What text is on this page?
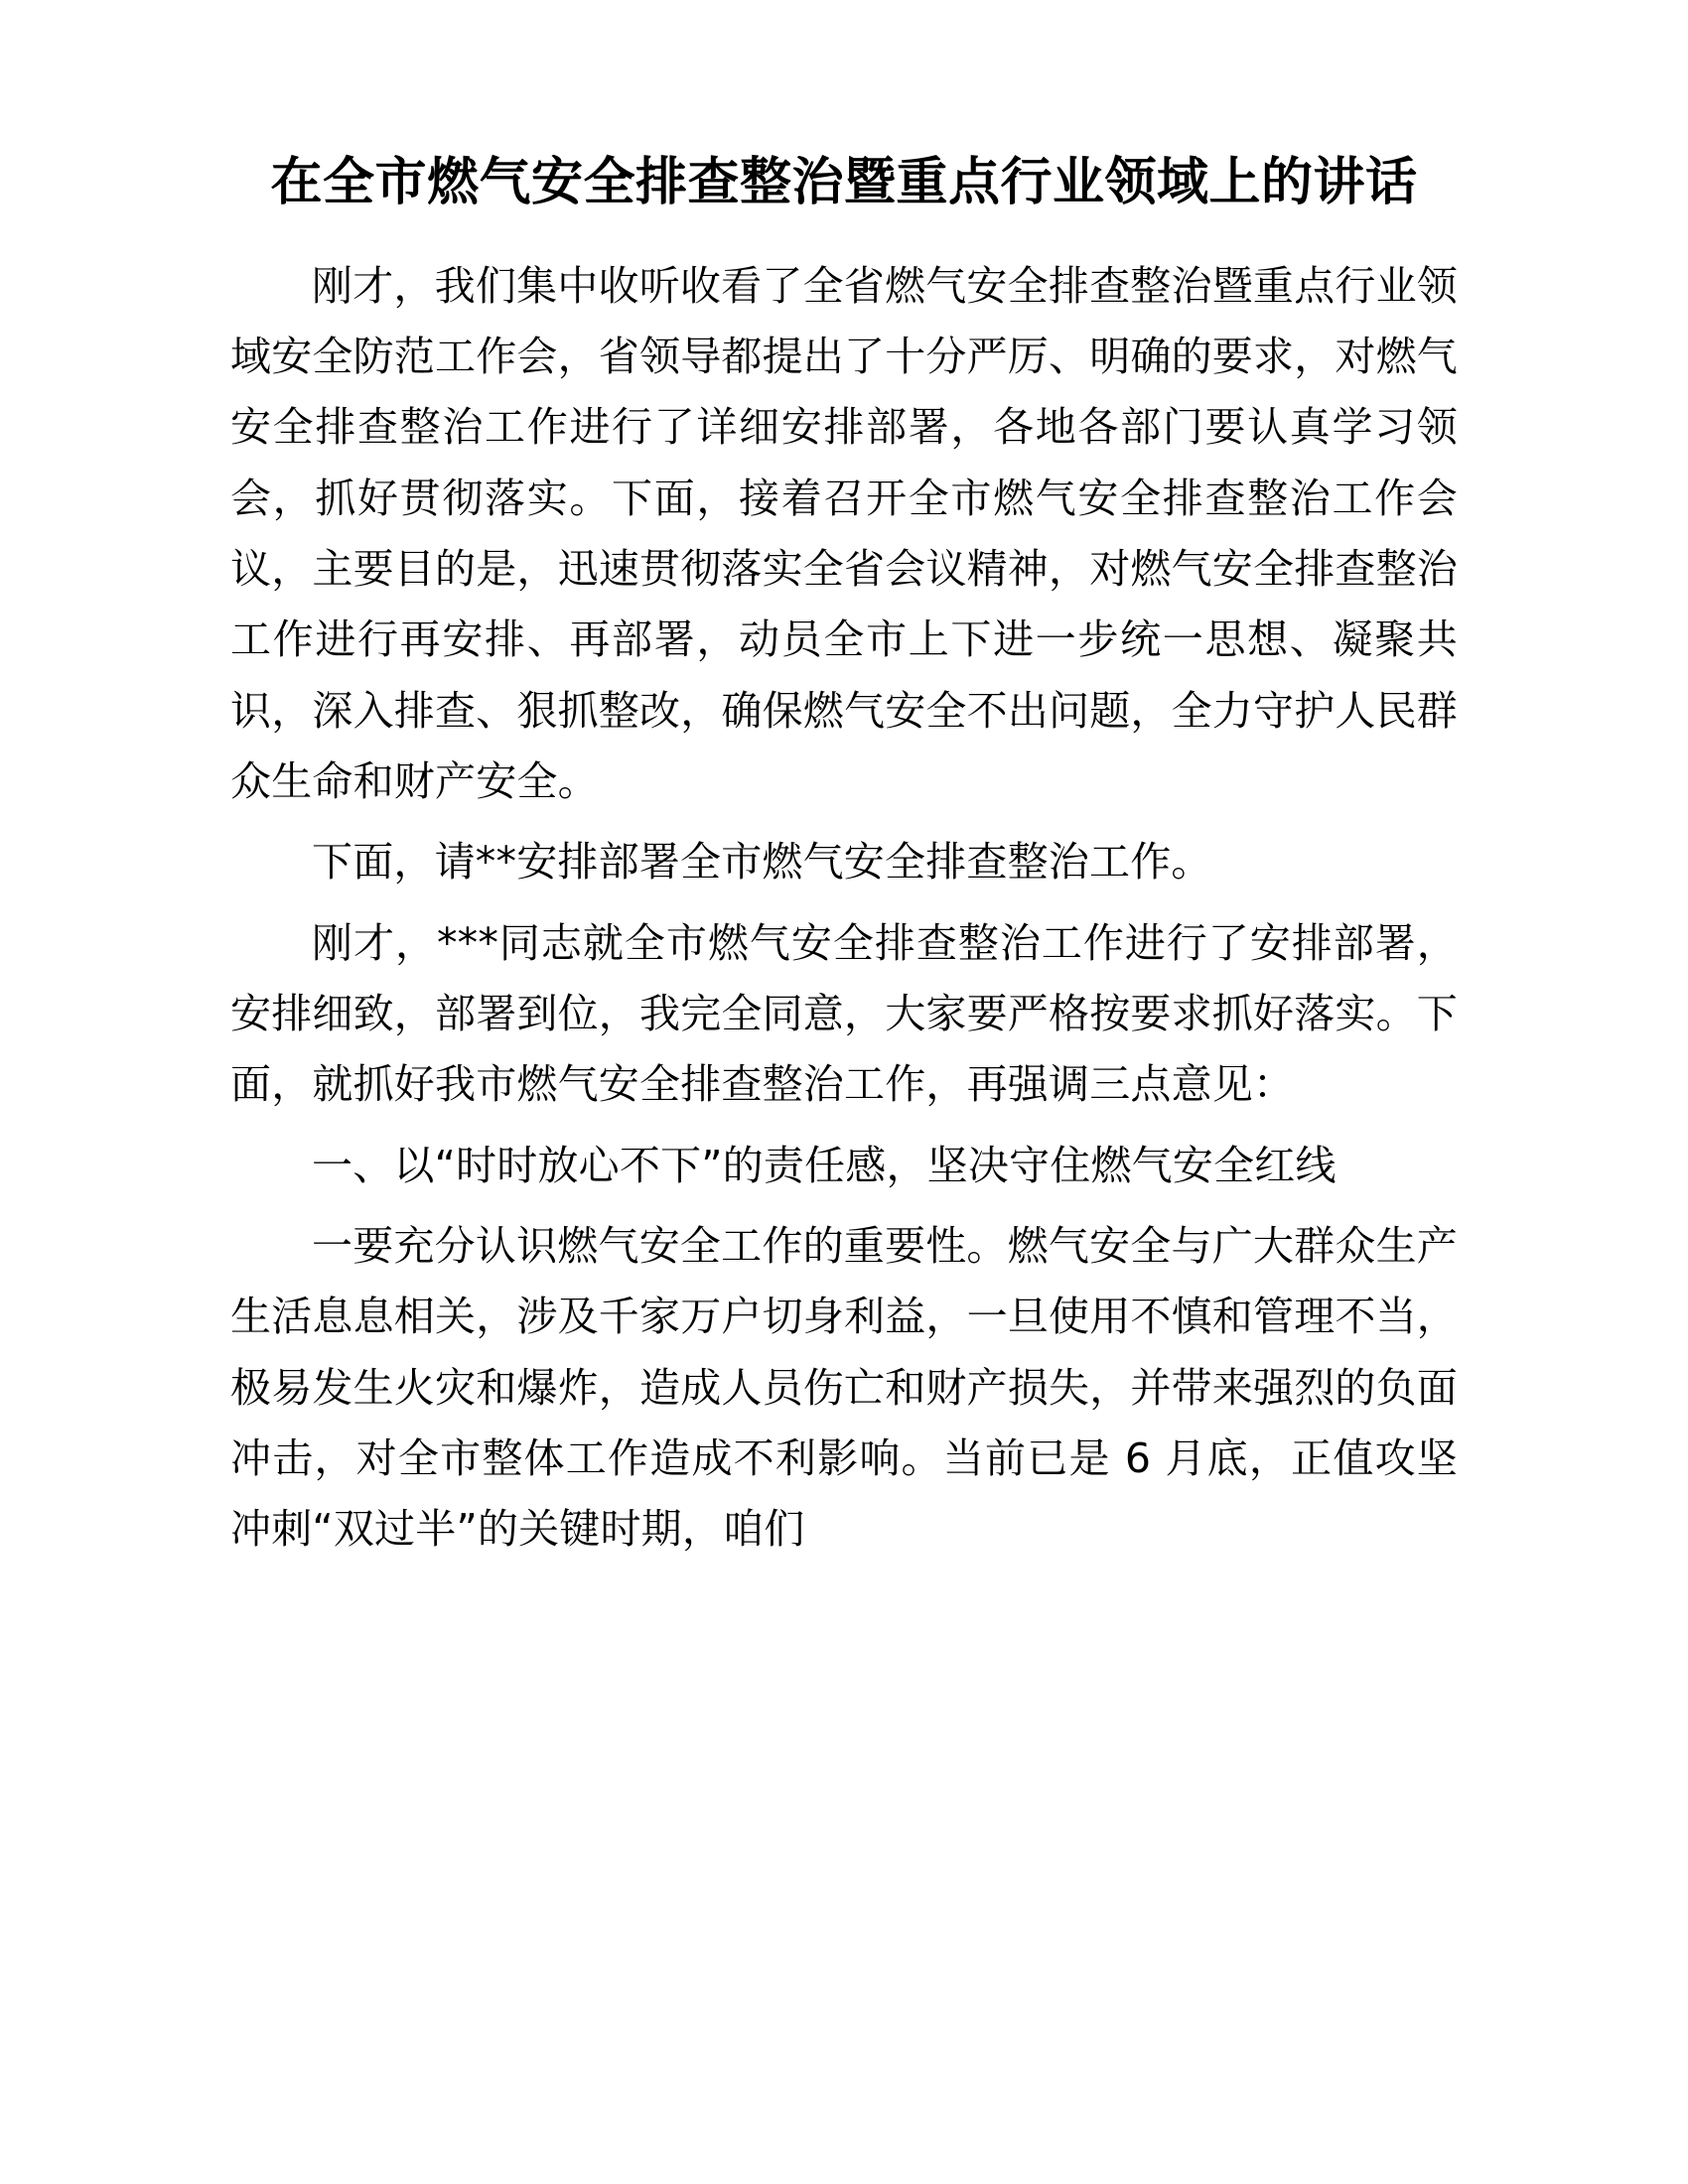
在全市燃气安全排查整治暨重点行业领域上的讲话

刚才，我们集中收听收看了全省燃气安全排查整治暨重点行业领域安全防范工作会，省领导都提出了十分严厉、明确的要求，对燃气安全排查整治工作进行了详细安排部署，各地各部门要认真学习领会，抓好贯彻落实。下面，接着召开全市燃气安全排查整治工作会议，主要目的是，迅速贯彻落实全省会议精神，对燃气安全排查整治工作进行再安排、再部署，动员全市上下进一步统一思想、凝聚共识，深入排查、狠抓整改，确保燃气安全不出问题，全力守护人民群众生命和财产安全。

下面，请**安排部署全市燃气安全排查整治工作。

刚才，***同志就全市燃气安全排查整治工作进行了安排部署，安排细致，部署到位，我完全同意，大家要严格按要求抓好落实。下面，就抓好我市燃气安全排查整治工作，再强调三点意见：

一、以“时时放心不下”的责任感，坚决守住燃气安全红线

一要充分认识燃气安全工作的重要性。燃气安全与广大群众生产生活息息相关，涉及千家万户切身利益，一旦使用不慎和管理不当，极易发生火灾和爆炸，造成人员伤亡和财产损失，并带来强烈的负面冲击，对全市整体工作造成不利影响。当前已是 6 月底，正值攻坚冲刺“双过半”的关键时期，咱们
